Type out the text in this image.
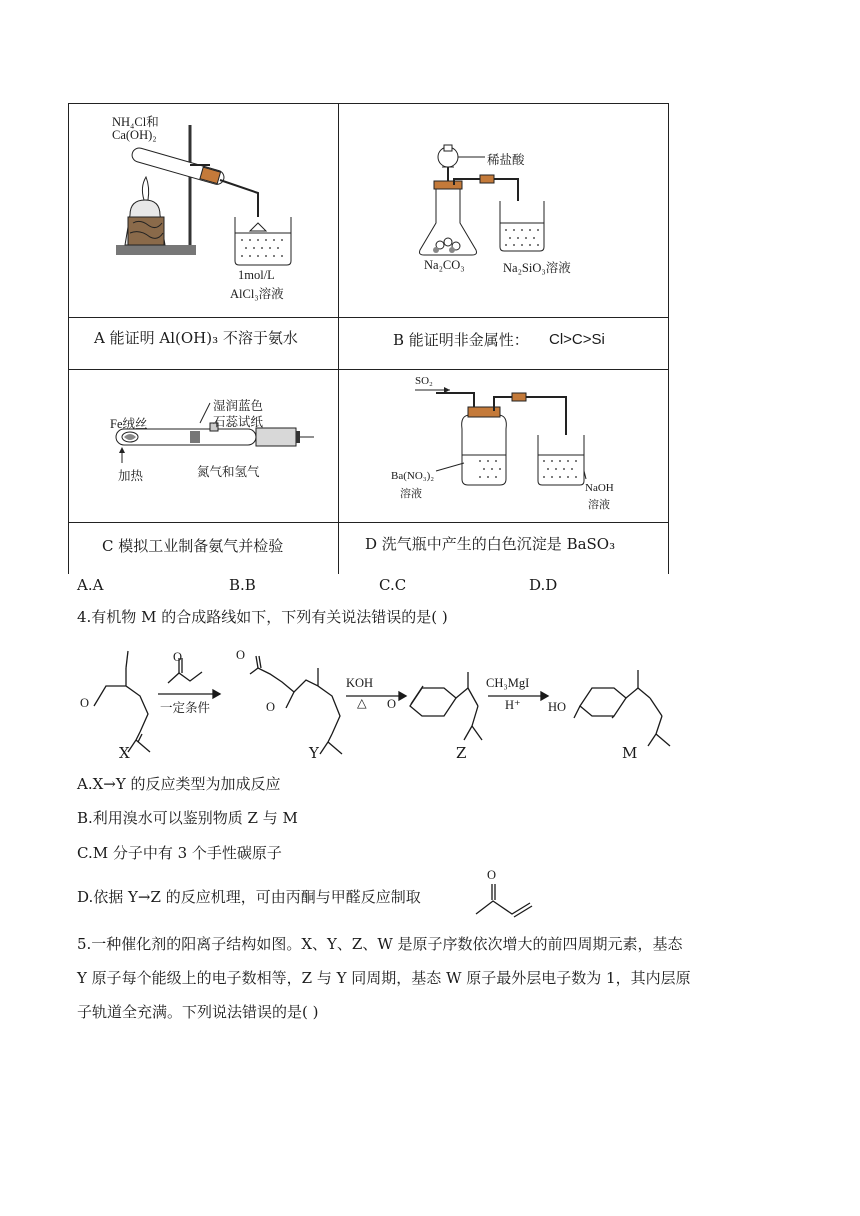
NH₄Cl和
Ca(OH)₂
1mol/L
AlCl₃溶液
稀盐酸
Na₂CO₃	Na₂SiO₃溶液
A 能证明 Al(OH)₃ 不溶于氨水	B 能证明非金属性： Cl>C>Si
Fe绒丝
湿润蓝色
石蕊试纸
加热	氮气和氢气
SO₂
Ba(NO₃)₂
溶液	NaOH
溶液
C 模拟工业制备氨气并检验	D 洗气瓶中产生的白色沉淀是 BaSO₃
A.A	B.B	C.C	D.D
4.有机物 M 的合成路线如下，下列有关说法错误的是( )
O
O	O
O	O	HO
一定条件
KOH
△
CH₃MgI
H⁺
X	Y	Z	M
A.X→Y 的反应类型为加成反应
B.利用溴水可以鉴别物质 Z 与 M
C.M 分子中有 3 个手性碳原子
D.依据 Y→Z 的反应机理，可由丙酮与甲醛反应制取
O
5.一种催化剂的阳离子结构如图。X、Y、Z、W 是原子序数依次增大的前四周期元素，基态
Y 原子每个能级上的电子数相等，Z 与 Y 同周期，基态 W 原子最外层电子数为 1，其内层原
子轨道全充满。下列说法错误的是( )
